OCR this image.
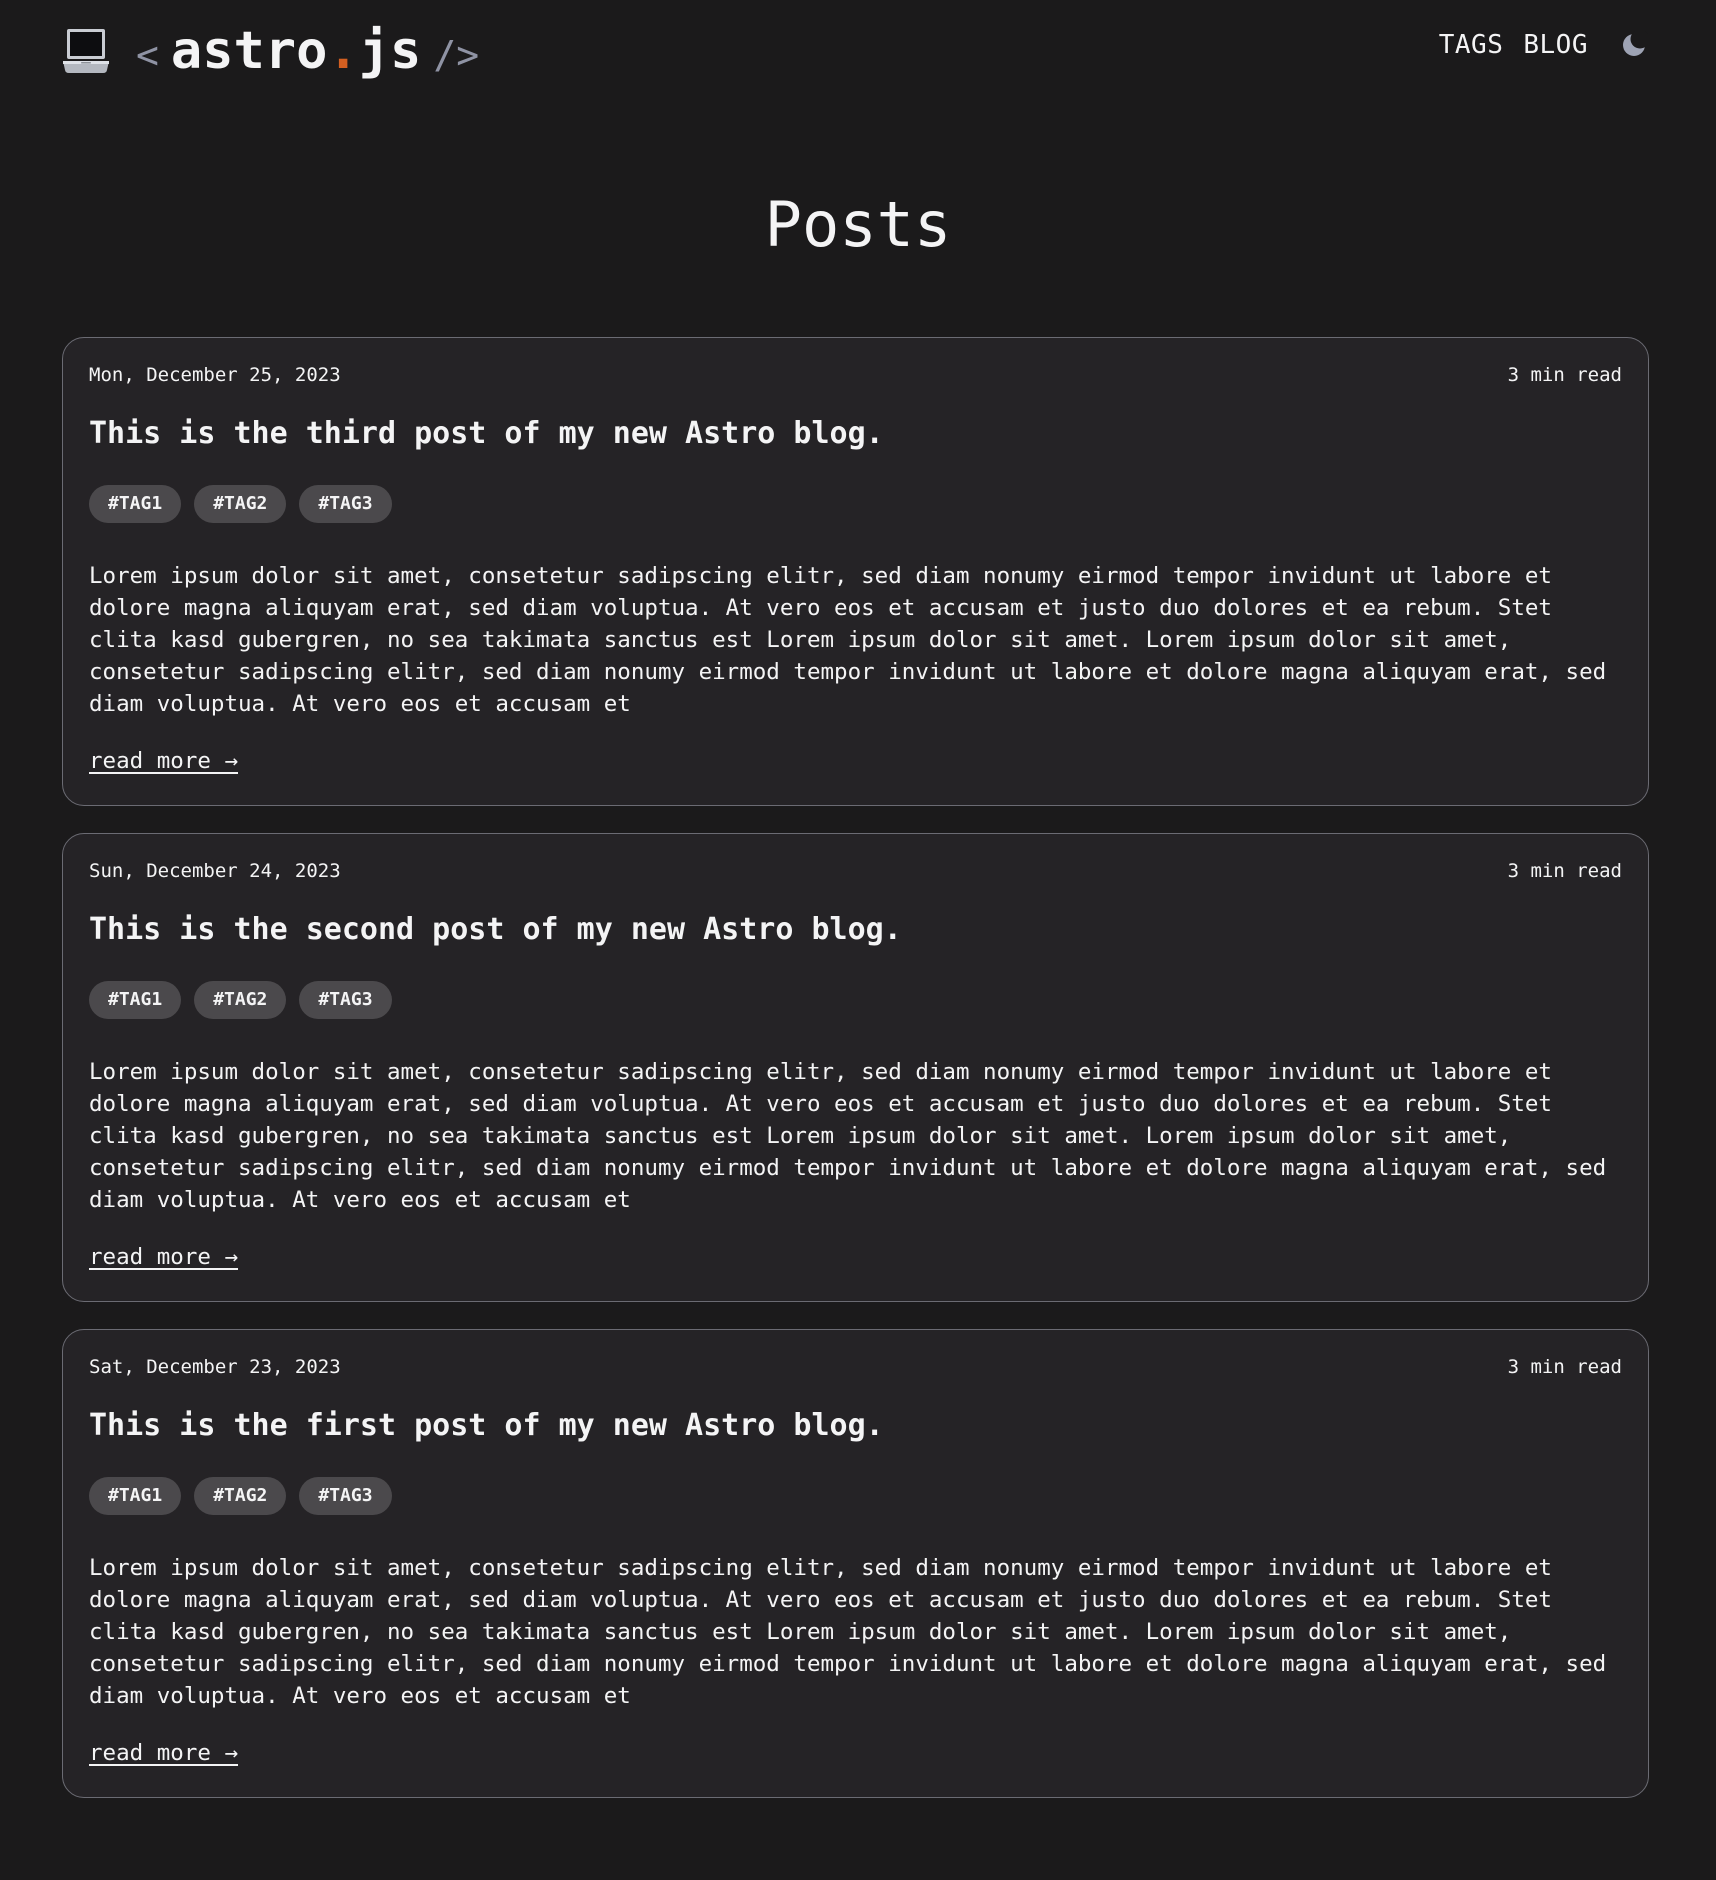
< astro.js />	TAGS BLOG
Posts
Mon, December 25, 2023	3 min read
This is the third post of my new Astro blog.
#TAG1	#TAG2	#TAG3

Lorem ipsum dolor sit amet, consetetur sadipscing elitr, sed diam nonumy eirmod tempor invidunt ut labore et dolore magna aliquyam erat, sed diam voluptua. At vero eos et accusam et justo duo dolores et ea rebum. Stet clita kasd gubergren, no sea takimata sanctus est Lorem ipsum dolor sit amet. Lorem ipsum dolor sit amet, consetetur sadipscing elitr, sed diam nonumy eirmod tempor invidunt ut labore et dolore magna aliquyam erat, sed diam voluptua. At vero eos et accusam et

read more →
Sun, December 24, 2023	3 min read
This is the second post of my new Astro blog.
#TAG1	#TAG2	#TAG3

Lorem ipsum dolor sit amet, consetetur sadipscing elitr, sed diam nonumy eirmod tempor invidunt ut labore et dolore magna aliquyam erat, sed diam voluptua. At vero eos et accusam et justo duo dolores et ea rebum. Stet clita kasd gubergren, no sea takimata sanctus est Lorem ipsum dolor sit amet. Lorem ipsum dolor sit amet, consetetur sadipscing elitr, sed diam nonumy eirmod tempor invidunt ut labore et dolore magna aliquyam erat, sed diam voluptua. At vero eos et accusam et

read more →
Sat, December 23, 2023	3 min read
This is the first post of my new Astro blog.
#TAG1	#TAG2	#TAG3

Lorem ipsum dolor sit amet, consetetur sadipscing elitr, sed diam nonumy eirmod tempor invidunt ut labore et dolore magna aliquyam erat, sed diam voluptua. At vero eos et accusam et justo duo dolores et ea rebum. Stet clita kasd gubergren, no sea takimata sanctus est Lorem ipsum dolor sit amet. Lorem ipsum dolor sit amet, consetetur sadipscing elitr, sed diam nonumy eirmod tempor invidunt ut labore et dolore magna aliquyam erat, sed diam voluptua. At vero eos et accusam et

read more →
